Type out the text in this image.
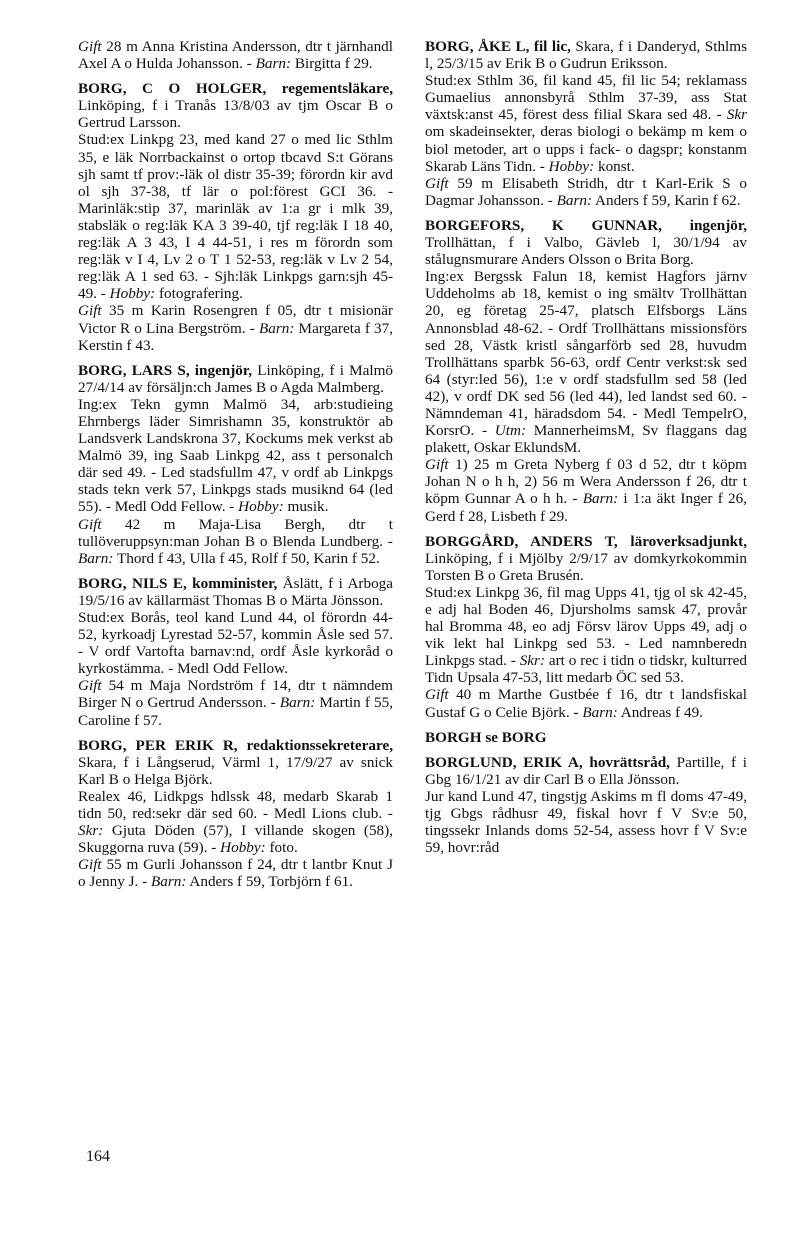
Gift 28 m Anna Kristina Andersson, dtr t järnhandl Axel A o Hulda Johansson. - Barn: Birgitta f 29.

BORG, C O HOLGER, regementsläkare, Linköping, f i Tranås 13/8/03 av tjm Oscar B o Gertrud Larsson.

Stud:ex Linkpg 23, med kand 27 o med lic Sthlm 35, e läk Norrbackainst o ortop tbcavd S:t Görans sjh samt tf prov:-läk ol distr 35-39; förordn kir avd ol sjh 37-38, tf lär o pol:förest GCI 36. - Marinläk:stip 37, marinläk av 1:a gr i mlk 39, stabsläk o reg:läk KA 3 39-40, tjf reg:läk I 18 40, reg:läk A 3 43, I 4 44-51, i res m förordn som reg:läk v I 4, Lv 2 o T 1 52-53, reg:läk v Lv 2 54, reg:läk A 1 sed 63. - Sjh:läk Linkpgs garn:sjh 45-49. - Hobby: fotografering.

Gift 35 m Karin Rosengren f 05, dtr t misionär Victor R o Lina Bergström. - Barn: Margareta f 37, Kerstin f 43.

BORG, LARS S, ingenjör, Linköping, f i Malmö 27/4/14 av försäljn:ch James B o Agda Malmberg.

Ing:ex Tekn gymn Malmö 34, arb:studieing Ehrnbergs läder Simrishamn 35, konstruktör ab Landsverk Landskrona 37, Kockums mek verkst ab Malmö 39, ing Saab Linkpg 42, ass t personalch där sed 49. - Led stadsfullm 47, v ordf ab Linkpgs stads tekn verk 57, Linkpgs stads musiknd 64 (led 55). - Medl Odd Fellow. - Hobby: musik.

Gift 42 m Maja-Lisa Bergh, dtr t tullöveruppsyn:man Johan B o Blenda Lundberg. - Barn: Thord f 43, Ulla f 45, Rolf f 50, Karin f 52.

BORG, NILS E, komminister, Åslätt, f i Arboga 19/5/16 av källarmäst Thomas B o Märta Jönsson.

Stud:ex Borås, teol kand Lund 44, ol förordn 44-52, kyrkoadj Lyrestad 52-57, kommin Åsle sed 57. - V ordf Vartofta barnav:nd, ordf Åsle kyrkoråd o kyrkostämma. - Medl Odd Fellow.

Gift 54 m Maja Nordström f 14, dtr t nämndem Birger N o Gertrud Andersson. - Barn: Martin f 55, Caroline f 57.

BORG, PER ERIK R, redaktionssekreterare, Skara, f i Långserud, Värml 1, 17/9/27 av snick Karl B o Helga Björk.

Realex 46, Lidkpgs hdlssk 48, medarb Skarab 1 tidn 50, red:sekr där sed 60. - Medl Lions club. - Skr: Gjuta Döden (57), I villande skogen (58), Skuggorna ruva (59). - Hobby: foto.

Gift 55 m Gurli Johansson f 24, dtr t lantbr Knut J o Jenny J. - Barn: Anders f 59, Torbjörn f 61.

BORG, ÅKE L, fil lic, Skara, f i Danderyd, Sthlms l, 25/3/15 av Erik B o Gudrun Eriksson.

Stud:ex Sthlm 36, fil kand 45, fil lic 54; reklamass Gumaelius annonsbyrå Sthlm 37-39, ass Stat växtsk:anst 45, förest dess filial Skara sed 48. - Skr om skadeinsekter, deras biologi o bekämp m kem o biol metoder, art o upps i fack- o dagspr; konstanm Skarab Läns Tidn. - Hobby: konst.

Gift 59 m Elisabeth Stridh, dtr t Karl-Erik S o Dagmar Johansson. - Barn: Anders f 59, Karin f 62.

BORGEFORS, K GUNNAR, ingenjör, Trollhättan, f i Valbo, Gävleb l, 30/1/94 av stålugnsmurare Anders Olsson o Brita Borg.

Ing:ex Bergssk Falun 18, kemist Hagfors järnv Uddeholms ab 18, kemist o ing smältv Trollhättan 20, eg företag 25-47, platsch Elfsborgs Läns Annonsblad 48-62. - Ordf Trollhättans missionsförs sed 28, Västk kristl sångarförb sed 28, huvudm Trollhättans sparbk 56-63, ordf Centr verkst:sk sed 64 (styr:led 56), 1:e v ordf stadsfullm sed 58 (led 42), v ordf DK sed 56 (led 44), led landst sed 60. - Nämndeman 41, häradsdom 54. - Medl TempelrO, KorsrO. - Utm: MannerheimsM, Sv flaggans dag plakett, Oskar EklundsM.

Gift 1) 25 m Greta Nyberg f 03 d 52, dtr t köpm Johan N o h h, 2) 56 m Wera Andersson f 26, dtr t köpm Gunnar A o h h. - Barn: i 1:a äkt Inger f 26, Gerd f 28, Lisbeth f 29.

BORGGÅRD, ANDERS T, läroverksadjunkt, Linköping, f i Mjölby 2/9/17 av domkyrkokommin Torsten B o Greta Brusén.

Stud:ex Linkpg 36, fil mag Upps 41, tjg ol sk 42-45, e adj hal Boden 46, Djursholms samsk 47, provår hal Bromma 48, eo adj Försv lärov Upps 49, adj o vik lekt hal Linkpg sed 53. - Led namnberedn Linkpgs stad. - Skr: art o rec i tidn o tidskr, kulturred Tidn Upsala 47-53, litt medarb ÖC sed 53.

Gift 40 m Marthe Gustbée f 16, dtr t landsfiskal Gustaf G o Celie Björk. - Barn: Andreas f 49.

BORGH se BORG

BORGLUND, ERIK A, hovrättsråd, Partille, f i Gbg 16/1/21 av dir Carl B o Ella Jönsson.

Jur kand Lund 47, tingstjg Askims m fl doms 47-49, tjg Gbgs rådhusr 49, fiskal hovr f V Sv:e 50, tingssekr Inlands doms 52-54, assess hovr f V Sv:e 59, hovr:råd

164
